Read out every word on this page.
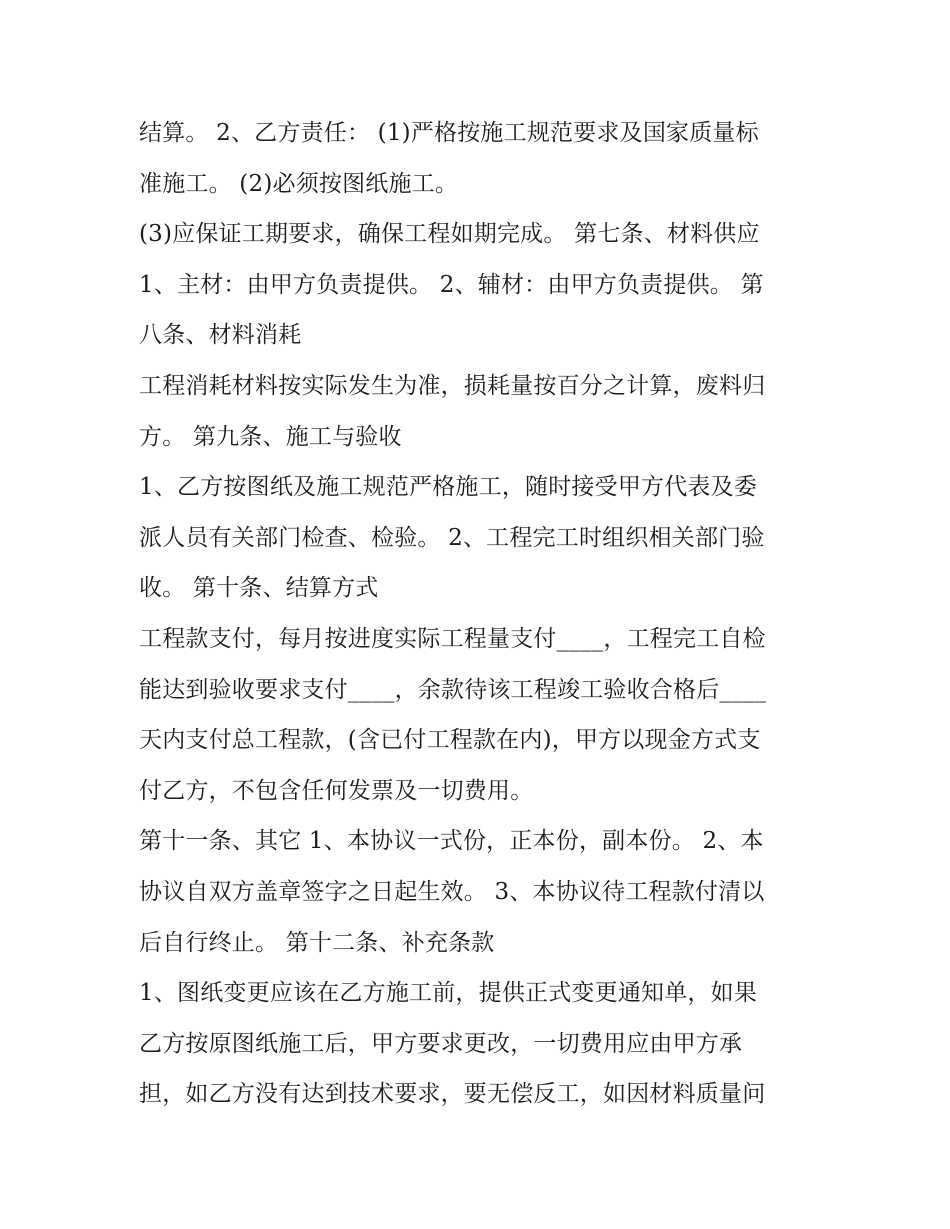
结算。 2、乙方责任： (1)严格按施工规范要求及国家质量标
准施工。 (2)必须按图纸施工。
(3)应保证工期要求，确保工程如期完成。 第七条、材料供应
1、主材：由甲方负责提供。 2、辅材：由甲方负责提供。 第
八条、材料消耗
工程消耗材料按实际发生为准，损耗量按百分之计算，废料归
方。 第九条、施工与验收
1、乙方按图纸及施工规范严格施工，随时接受甲方代表及委
派人员有关部门检查、检验。 2、工程完工时组织相关部门验
收。 第十条、结算方式
工程款支付，每月按进度实际工程量支付____，工程完工自检
能达到验收要求支付____，余款待该工程竣工验收合格后____
天内支付总工程款，(含已付工程款在内)，甲方以现金方式支
付乙方，不包含任何发票及一切费用。
第十一条、其它 1、本协议一式份，正本份，副本份。 2、本
协议自双方盖章签字之日起生效。 3、本协议待工程款付清以
后自行终止。 第十二条、补充条款
1、图纸变更应该在乙方施工前，提供正式变更通知单，如果
乙方按原图纸施工后，甲方要求更改，一切费用应由甲方承
担，如乙方没有达到技术要求，要无偿反工，如因材料质量问
